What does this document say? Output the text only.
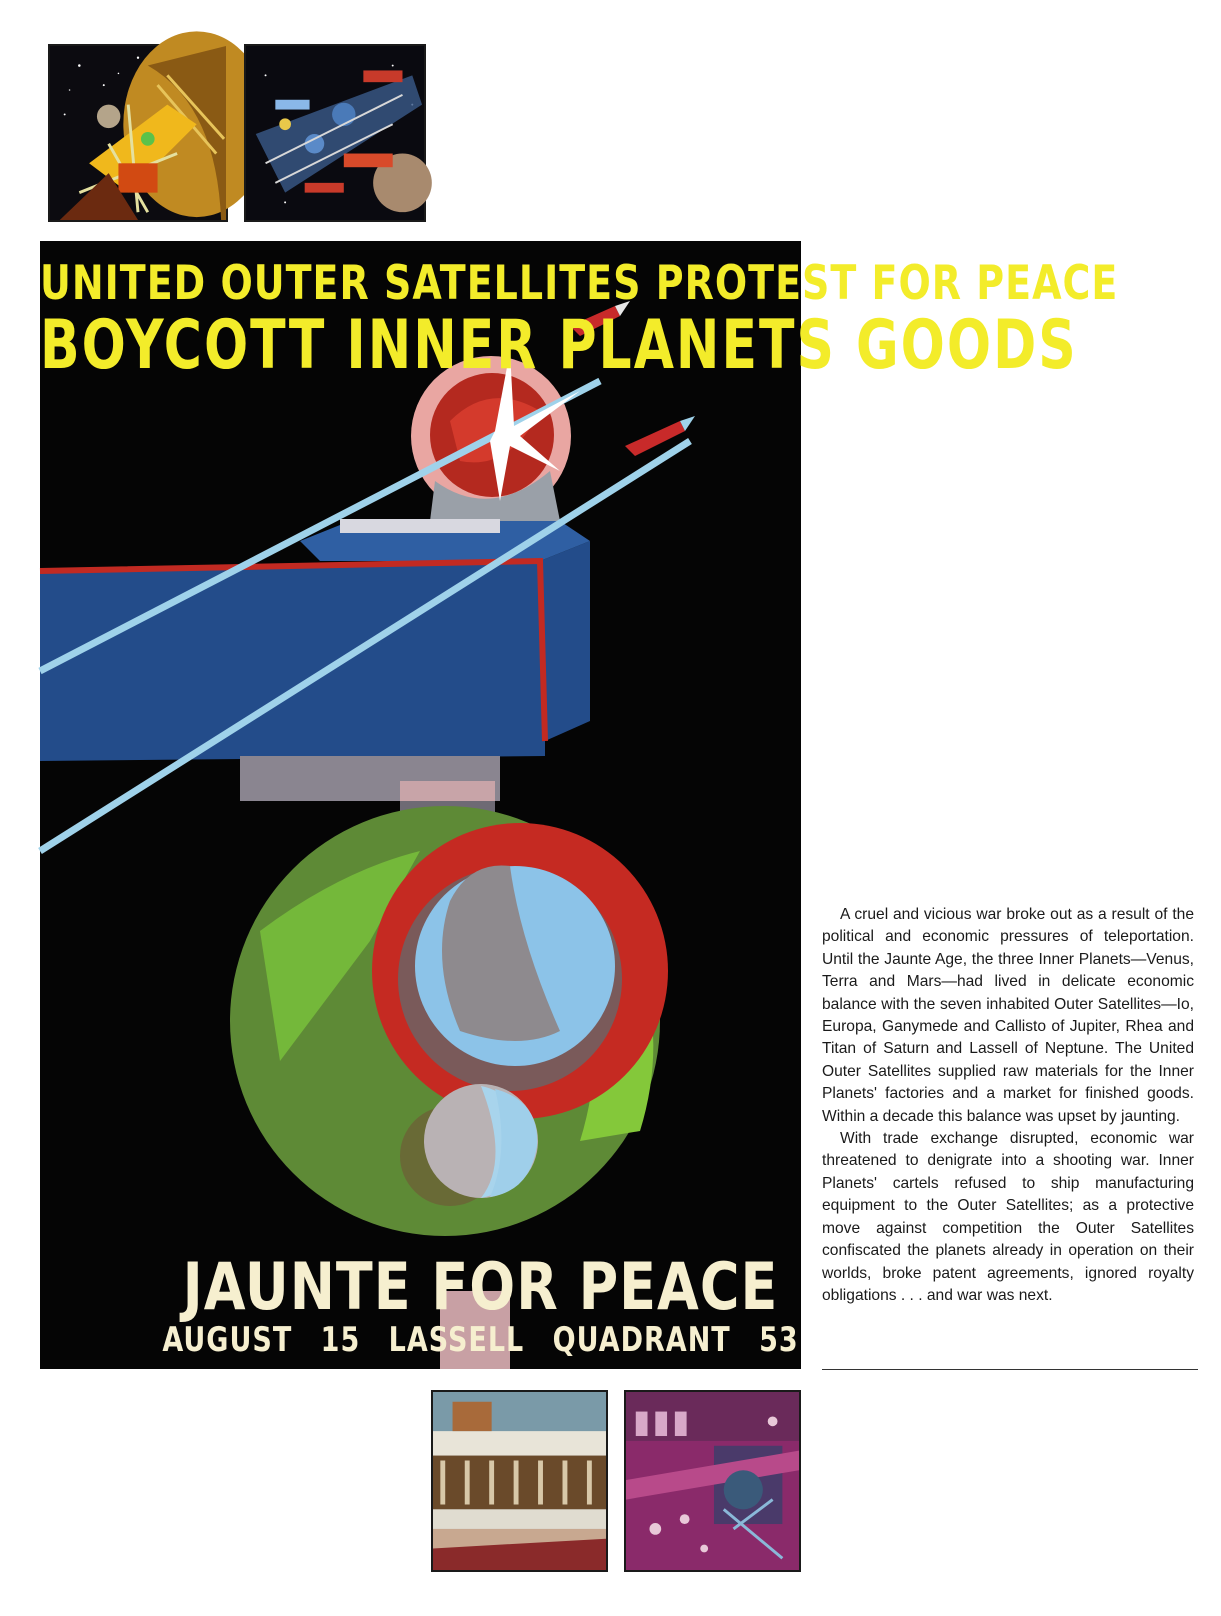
UNITED OUTER SATELLITES PROTEST FOR PEACE

BOYCOTT INNER PLANETS GOODS

JAUNTE FOR PEACE

AUGUST 15 LASSELL QUADRANT 53

A cruel and vicious war broke out as a result of the political and economic pressures of teleportation. Until the Jaunte Age, the three Inner Planets—Venus, Terra and Mars—had lived in delicate economic balance with the seven inhabited Outer Satellites—Io, Europa, Ganymede and Callisto of Jupiter, Rhea and Titan of Saturn and Lassell of Neptune. The United Outer Satellites supplied raw materials for the Inner Planets' factories and a market for finished goods. Within a decade this balance was upset by jaunting.

With trade exchange disrupted, economic war threatened to denigrate into a shooting war. Inner Planets' cartels refused to ship manufacturing equipment to the Outer Satellites; as a protective move against competition the Outer Satellites confiscated the planets already in operation on their worlds, broke patent agreements, ignored royalty obligations . . . and war was next.
